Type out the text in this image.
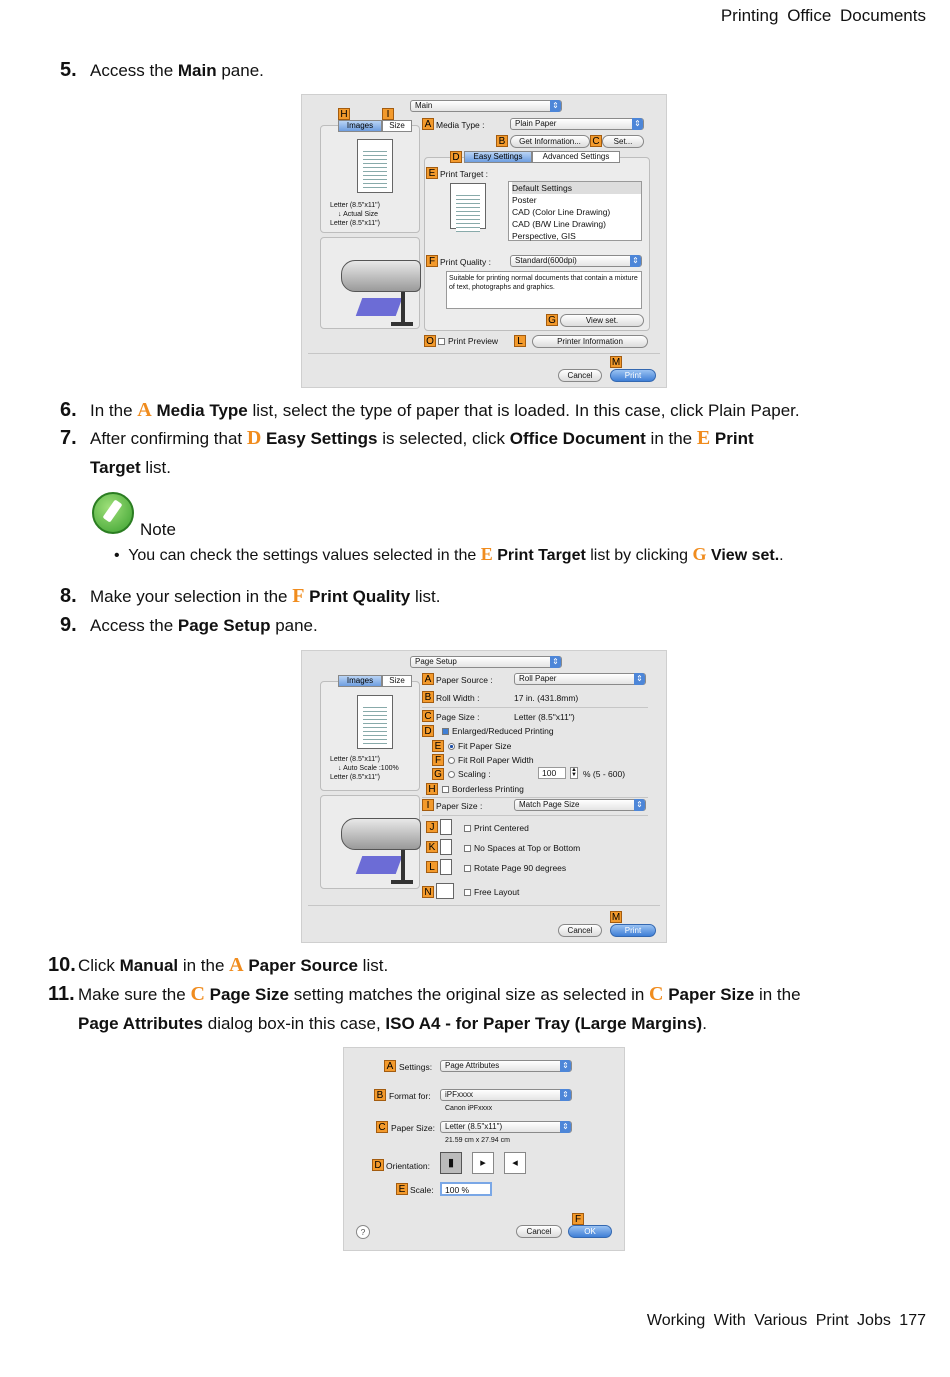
Printing Office Documents
5. Access the Main pane.
Main ⇕
H	I
Images	Size
Letter (8.5"x11")
↓ Actual Size
Letter (8.5"x11")
A Media Type :	Plain Paper ⇕
B	Get Information...	C	Set...
D	Easy Settings	Advanced Settings
E Print Target :
Default Settings
Poster
CAD (Color Line Drawing)
CAD (B/W Line Drawing)
Perspective, GIS
F Print Quality :	Standard(600dpi) ⇕
Suitable for printing normal documents that contain a mixture of text, photographs and graphics.
G	View set.
O	Print Preview	L	Printer Information
M
Cancel	Print
6. In the A Media Type list, select the type of paper that is loaded. In this case, click Plain Paper.
7. After confirming that D Easy Settings is selected, click Office Document in the E Print
Target list.
Note
•  You can check the settings values selected in the E Print Target list by clicking G View set..
8. Make your selection in the F Print Quality list.
9. Access the Page Setup pane.
Page Setup ⇕
Images	Size
Letter (8.5"x11")
↓ Auto Scale :100%
Letter (8.5"x11")
A Paper Source :	Roll Paper ⇕
B Roll Width :	17 in. (431.8mm)
C Page Size :	Letter (8.5"x11")
D	Enlarged/Reduced Printing
E	Fit Paper Size
F	Fit Roll Paper Width
G	Scaling :	100	▲
▼ % (5 - 600)
H	Borderless Printing
I Paper Size :	Match Page Size ⇕
J	Print Centered
K	No Spaces at Top or Bottom
L	Rotate Page 90 degrees
N	Free Layout
M
Cancel	Print
10. Click Manual in the A Paper Source list.
11. Make sure the C Page Size setting matches the original size as selected in C Paper Size in the
Page Attributes dialog box-in this case, ISO A4 - for Paper Tray (Large Margins).
A Settings:	Page Attributes ⇕
B Format for:	iPFxxxx ⇕
Canon iPFxxxx
C Paper Size:	Letter (8.5"x11") ⇕
21.59 cm x 27.94 cm
D Orientation:	▮	▸	◂
E Scale:	100 %
?
F
Cancel	OK
Working With Various Print Jobs 177
